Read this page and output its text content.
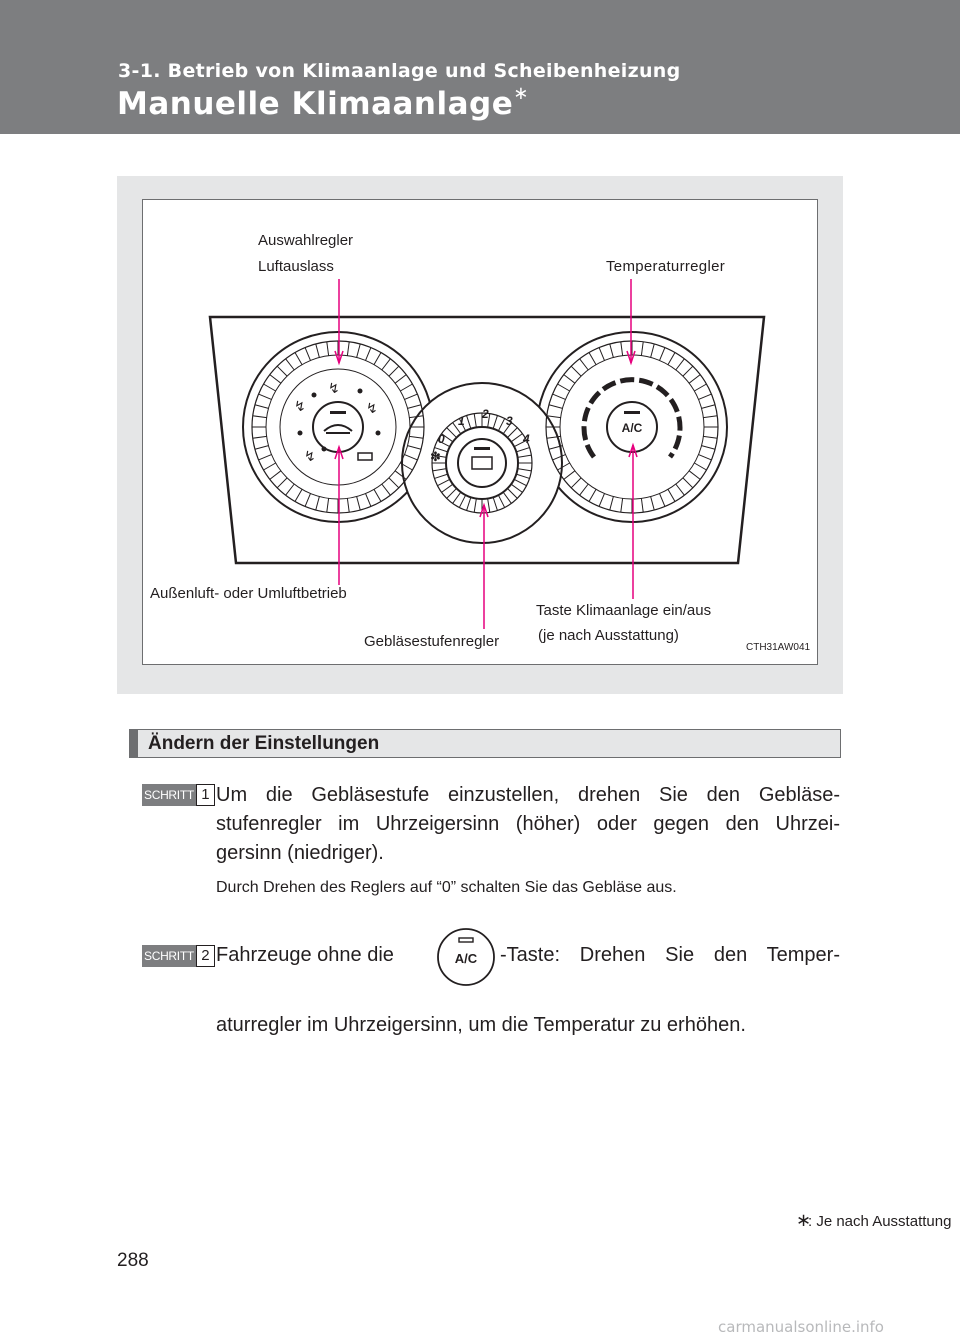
3-1. Betrieb von Klimaanlage und Scheibenheizung
Manuelle Klimaanlage∗
↯
↯
↯
↯
0
1 2 3
4
✽
A/C
Auswahlregler
Luftauslass	Temperaturregler
Außenluft- oder Umluftbetrieb
Taste Klimaanlage ein/aus
(je nach Ausstattung)
Gebläsestufenregler	CTH31AW041
Ändern der Einstellungen
SCHRITT 1 Um die Gebläsestufe einzustellen, drehen Sie den Gebläse-
stufenregler im Uhrzeigersinn (höher) oder gegen den Uhrzei-
gersinn (niedriger).
Durch Drehen des Reglers auf “0” schalten Sie das Gebläse aus.
SCHRITT 2 Fahrzeuge ohne die	A/C -Taste: Drehen Sie den Temper-
aturregler im Uhrzeigersinn, um die Temperatur zu erhöhen.
∗
: Je nach Ausstattung
288
carmanualsonline.info
